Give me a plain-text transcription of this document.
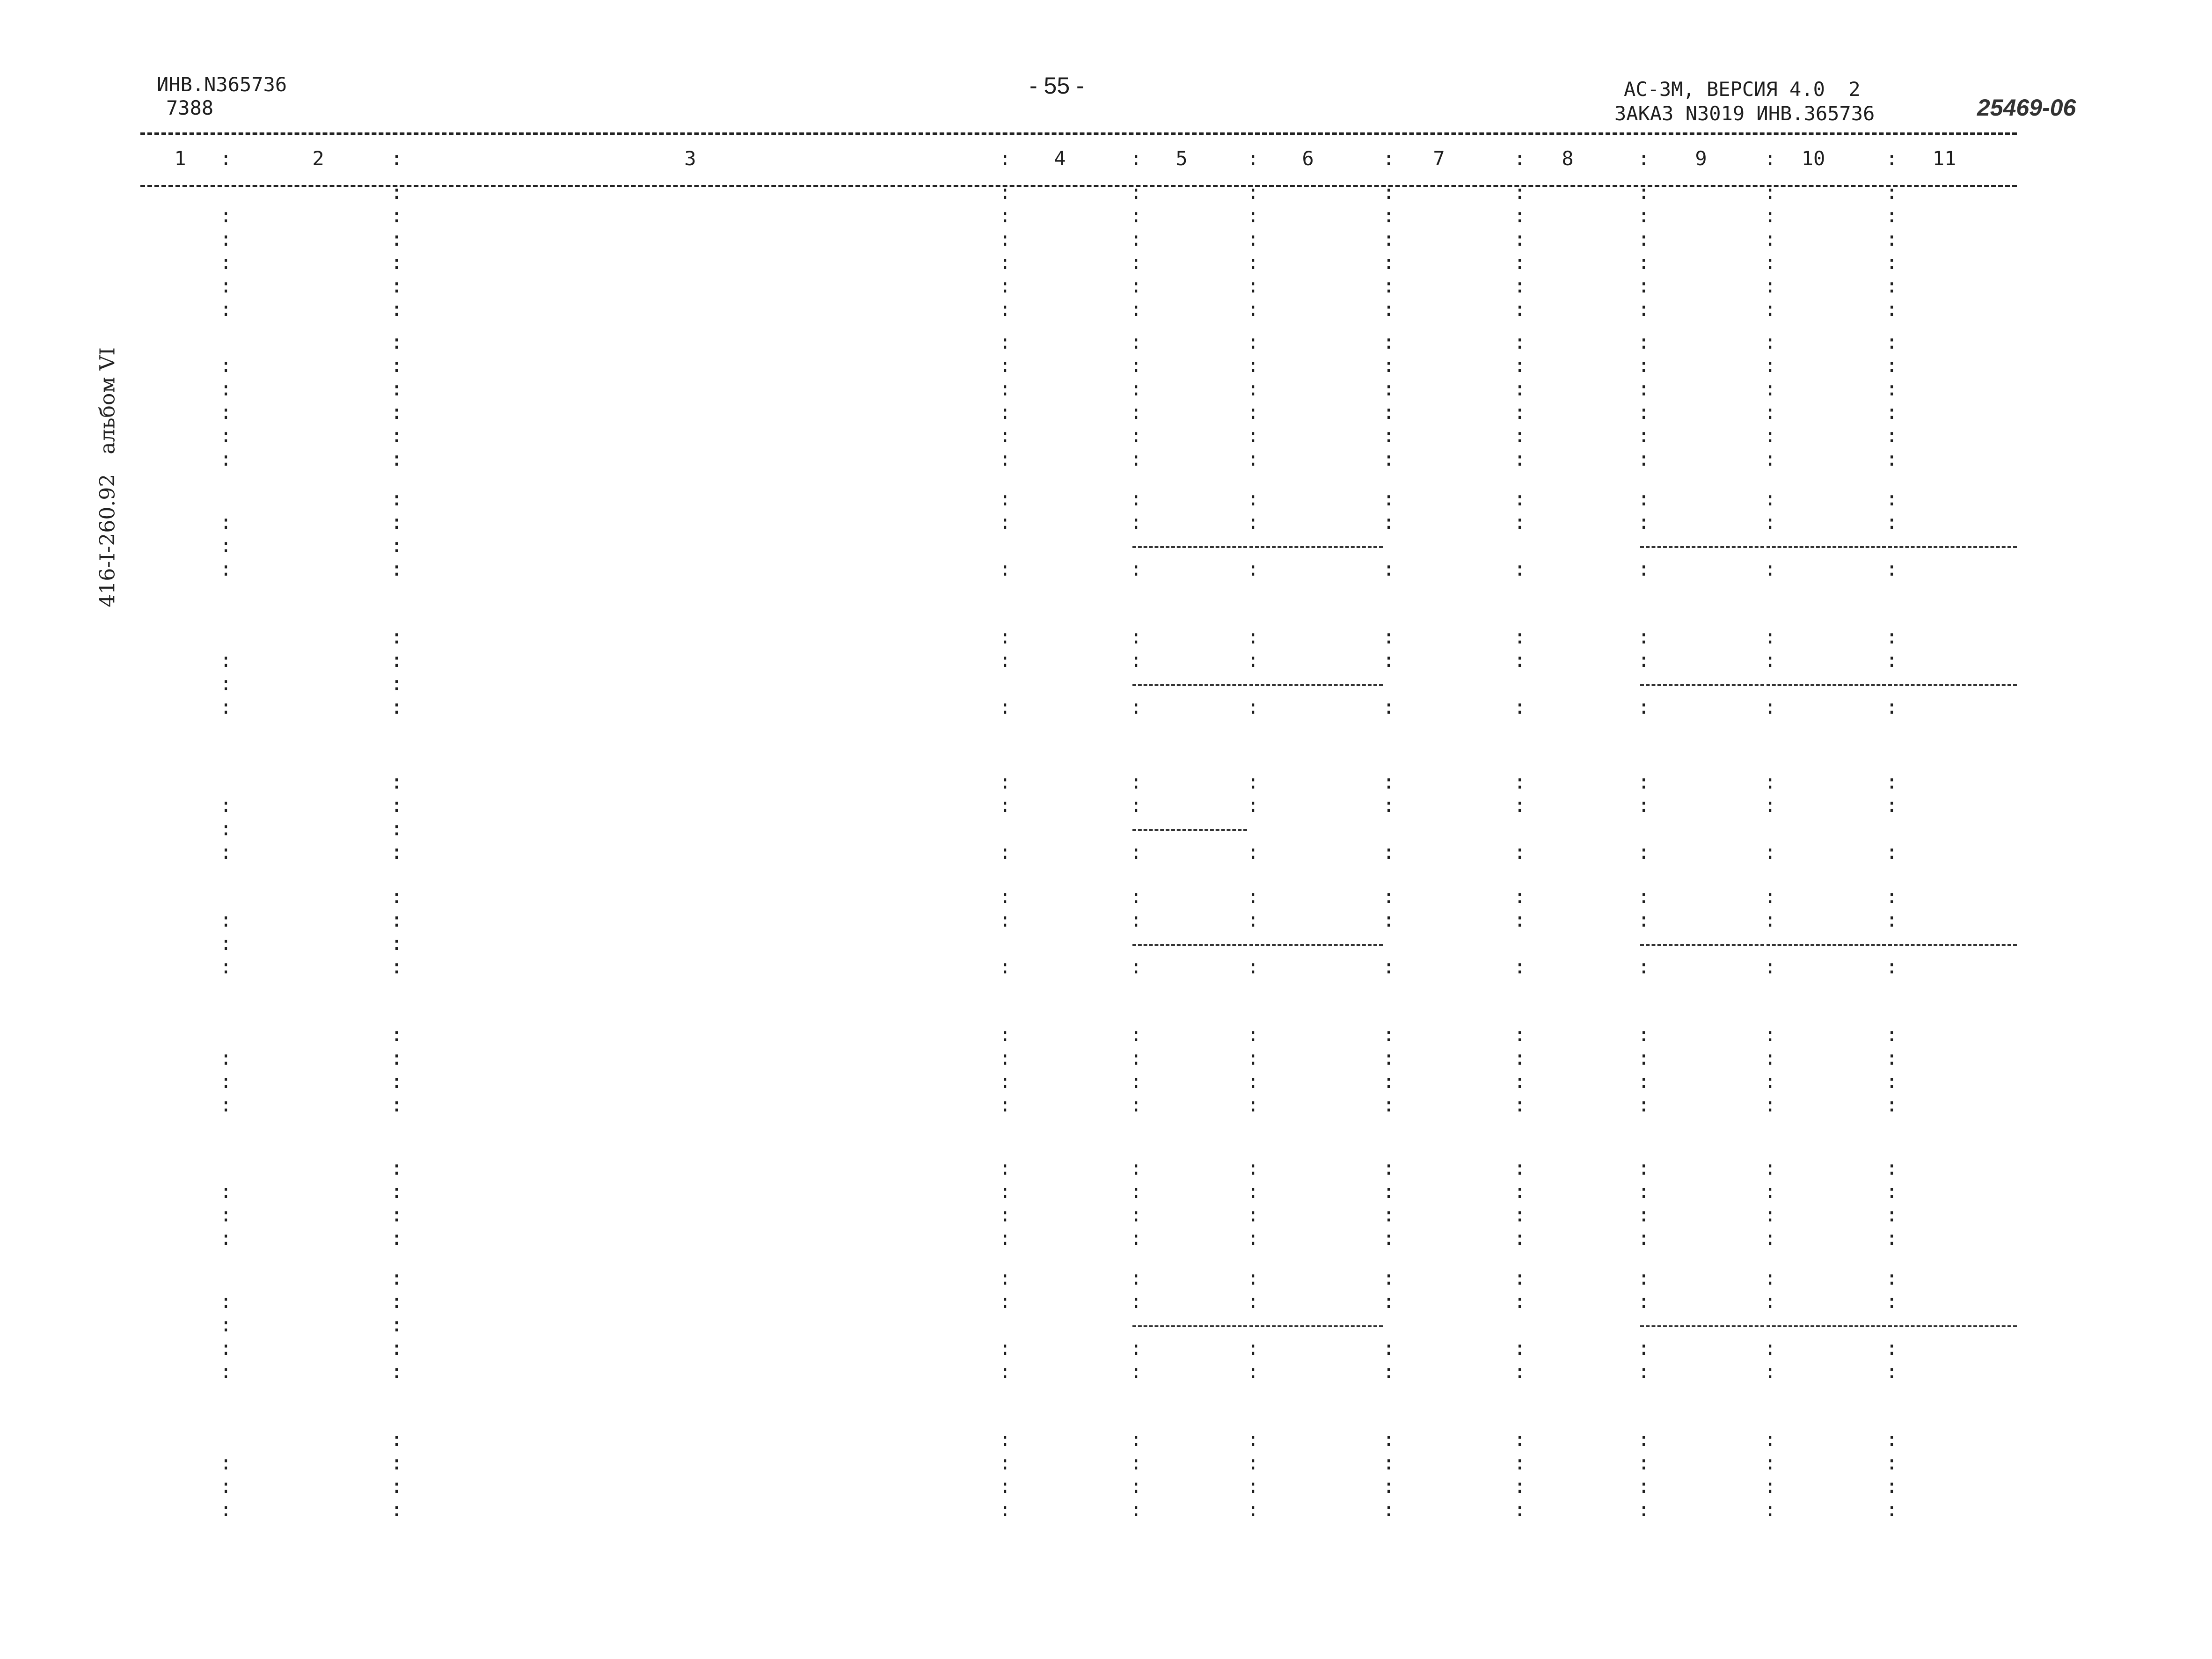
ИНВ.N365736
7388
- 55 -	АС-3М, ВЕРСИЯ 4.0  2
ЗАКАЗ N3019 ИНВ.365736	25469-06
416-I-260.92   альбом VI
1	2	3	4	5	6	7	8	9	10	11
:	:	:	:	:	:	:	:	:	:
:	:	:	:	:	:	:	:	:
:	:	:	:	:	:	:	:	:	:
:	:	:	:	:	:	:	:	:	:
:	:	:	:	:	:	:	:	:	:
:	:	:	:	:	:	:	:	:	:
:	:	:	:	:	:	:	:	:	:
:	:	:	:	:	:	:	:	:
:	:	:	:	:	:	:	:	:	:
:	:	:	:	:	:	:	:	:	:
:	:	:	:	:	:	:	:	:	:
:	:	:	:	:	:	:	:	:	:
:	:	:	:	:	:	:	:	:	:
:	:	:	:	:	:	:	:	:
:	:	:	:	:	:	:	:	:	:
:	:
:	:	:	:	:	:	:	:	:	:
:	:	:	:	:	:	:	:	:
:	:	:	:	:	:	:	:	:	:
:	:
:	:	:	:	:	:	:	:	:	:
:	:	:	:	:	:	:	:	:
:	:	:	:	:	:	:	:	:	:
:	:
:	:	:	:	:	:	:	:	:	:
:	:	:	:	:	:	:	:	:
:	:	:	:	:	:	:	:	:	:
:	:
:	:	:	:	:	:	:	:	:	:
:	:	:	:	:	:	:	:	:
:	:	:	:	:	:	:	:	:	:
:	:	:	:	:	:	:	:	:	:
:	:	:	:	:	:	:	:	:	:
:	:	:	:	:	:	:	:	:
:	:	:	:	:	:	:	:	:	:
:	:	:	:	:	:	:	:	:	:
:	:	:	:	:	:	:	:	:	:
:	:	:	:	:	:	:	:	:
:	:	:	:	:	:	:	:	:	:
:	:
:	:	:	:	:	:	:	:	:	:
:	:	:	:	:	:	:	:	:	:
:	:	:	:	:	:	:	:	:
:	:	:	:	:	:	:	:	:	:
:	:	:	:	:	:	:	:	:	:
:	:	:	:	:	:	:	:	:	:
